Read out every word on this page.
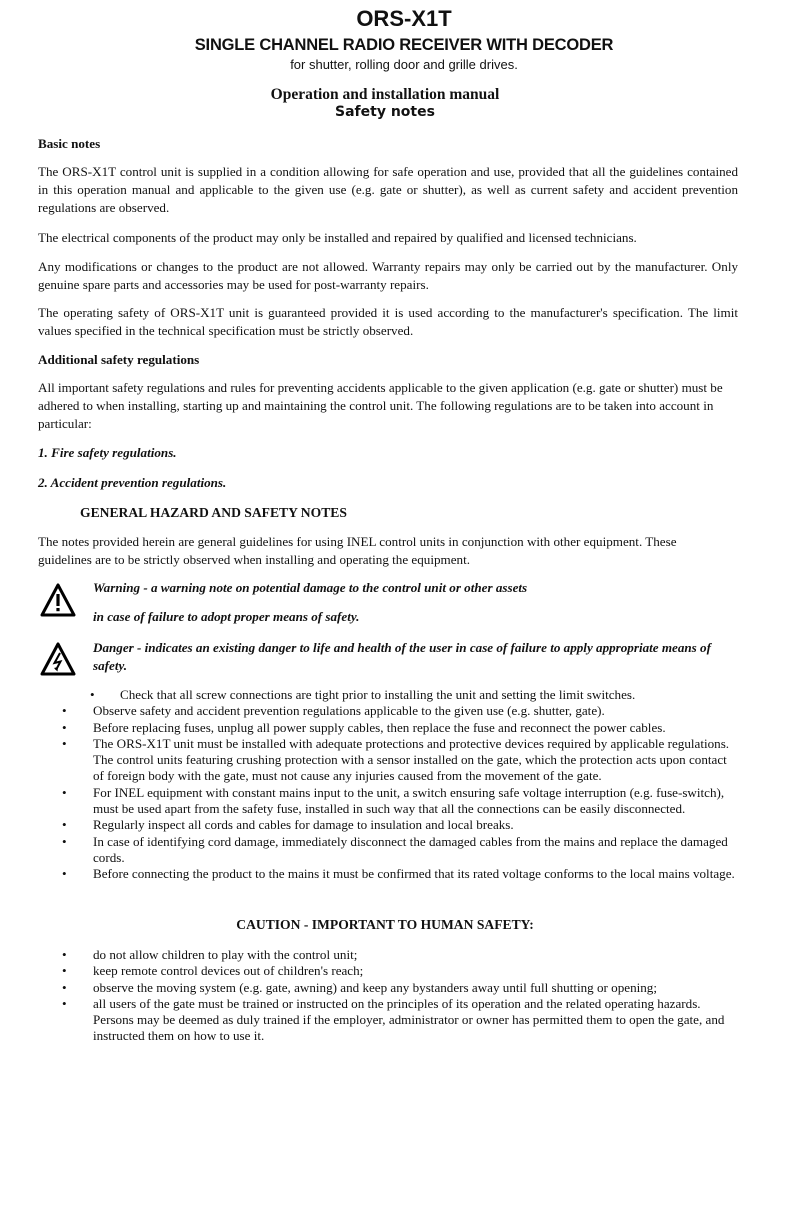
ORS-X1T
SINGLE CHANNEL RADIO RECEIVER WITH DECODER
for shutter, rolling door and grille drives.
Operation and installation manual
Safety notes
Basic notes
The ORS-X1T control unit is supplied in a condition allowing for safe operation and use, provided that all the guidelines contained in this operation manual and applicable to the given use (e.g. gate or shutter), as well as current safety and accident prevention regulations are observed.
The electrical components of the product may only be installed and repaired by qualified and licensed technicians.
Any modifications or changes to the product are not allowed. Warranty repairs may only be carried out by the manufacturer. Only genuine spare parts and accessories may be used for post-warranty repairs.
The operating safety of ORS-X1T unit is guaranteed provided it is used according to the manufacturer's specification. The limit values specified in the technical specification must be strictly observed.
Additional safety regulations
All important safety regulations and rules for preventing accidents applicable to the given application (e.g. gate or shutter) must be adhered to when installing, starting up and maintaining the control unit. The following regulations are to be taken into account in particular:
1. Fire safety regulations.
2. Accident prevention regulations.
GENERAL HAZARD AND SAFETY NOTES
The notes provided herein are general guidelines for using INEL control units in conjunction with other equipment. These guidelines are to be strictly observed when installing and operating the equipment.
Warning - a warning note on potential damage to the control unit or other assets
in case of failure to adopt proper means of safety.
Danger - indicates an existing danger to life and health of the user in case of failure to apply appropriate means of safety.
• Check that all screw connections are tight prior to installing the unit and setting the limit switches.
• Observe safety and accident prevention regulations applicable to the given use (e.g. shutter, gate).
• Before replacing fuses, unplug all power supply cables, then replace the fuse and reconnect the power cables.
• The ORS-X1T unit must be installed with adequate protections and protective devices required by applicable regulations. The control units featuring crushing protection with a sensor installed on the gate, which the protection acts upon contact of foreign body with the gate, must not cause any injuries caused from the movement of the gate.
• For INEL equipment with constant mains input to the unit, a switch ensuring safe voltage interruption (e.g. fuse-switch), must be used apart from the safety fuse, installed in such way that all the connections can be easily disconnected.
• Regularly inspect all cords and cables for damage to insulation and local breaks.
• In case of identifying cord damage, immediately disconnect the damaged cables from the mains and replace the damaged cords.
• Before connecting the product to the mains it must be confirmed that its rated voltage conforms to the local mains voltage.
CAUTION - IMPORTANT TO HUMAN SAFETY:
• do not allow children to play with the control unit;
• keep remote control devices out of children's reach;
• observe the moving system (e.g. gate, awning) and keep any bystanders away until full shutting or opening;
• all users of the gate must be trained or instructed on the principles of its operation and the related operating hazards. Persons may be deemed as duly trained if the employer, administrator or owner has permitted them to open the gate, and instructed them on how to use it.
